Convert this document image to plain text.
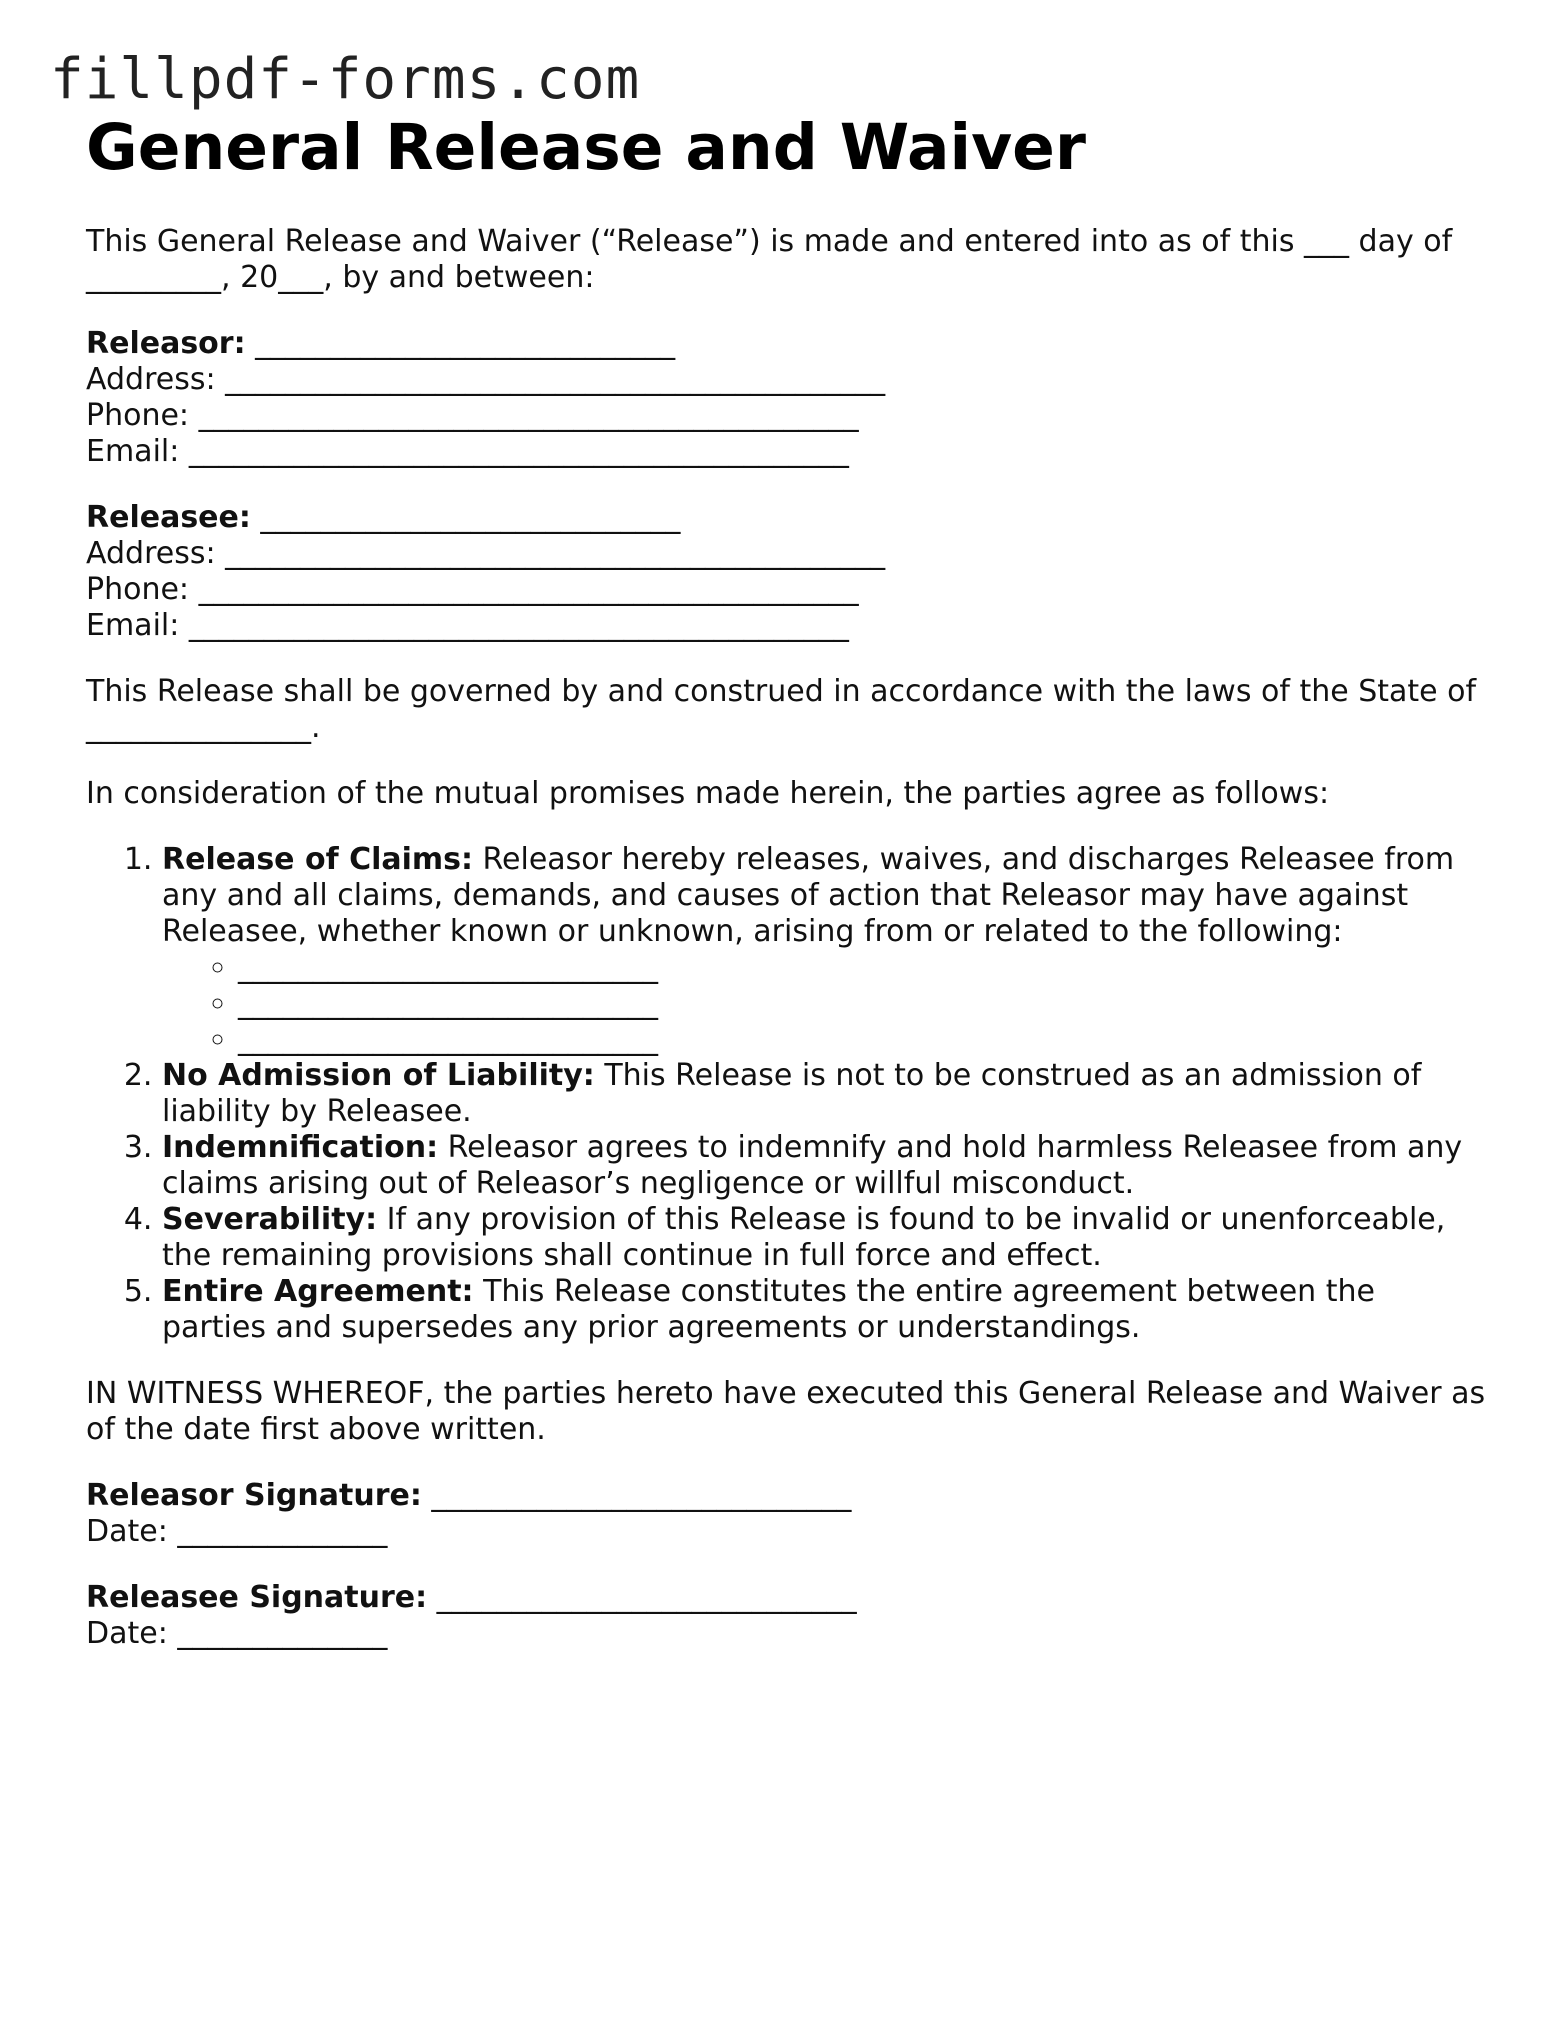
fillpdf-forms.com
General Release and Waiver

This General Release and Waiver (“Release”) is made and entered into as of this ___ day of

_________, 20___, by and between:

Releasor: ____________________________

Address: ____________________________________________

Phone: ____________________________________________

Email: ____________________________________________

Releasee: ____________________________

Address: ____________________________________________

Phone: ____________________________________________

Email: ____________________________________________

This Release shall be governed by and construed in accordance with the laws of the State of _______________.

In consideration of the mutual promises made herein, the parties agree as follows:

1. Release of Claims: Releasor hereby releases, waives, and discharges Releasee from any and all claims, demands, and causes of action that Releasor may have against Releasee, whether known or unknown, arising from or related to the following:
◦ ____________________________
◦ ____________________________
◦ ____________________________
2. No Admission of Liability: This Release is not to be construed as an admission of liability by Releasee.
3. Indemnification: Releasor agrees to indemnify and hold harmless Releasee from any claims arising out of Releasor’s negligence or willful misconduct.
4. Severability: If any provision of this Release is found to be invalid or unenforceable, the remaining provisions shall continue in full force and effect.
5. Entire Agreement: This Release constitutes the entire agreement between the parties and supersedes any prior agreements or understandings.

IN WITNESS WHEREOF, the parties hereto have executed this General Release and Waiver as of the date first above written.

Releasor Signature: ____________________________

Date: ______________

Releasee Signature: ____________________________

Date: ______________
